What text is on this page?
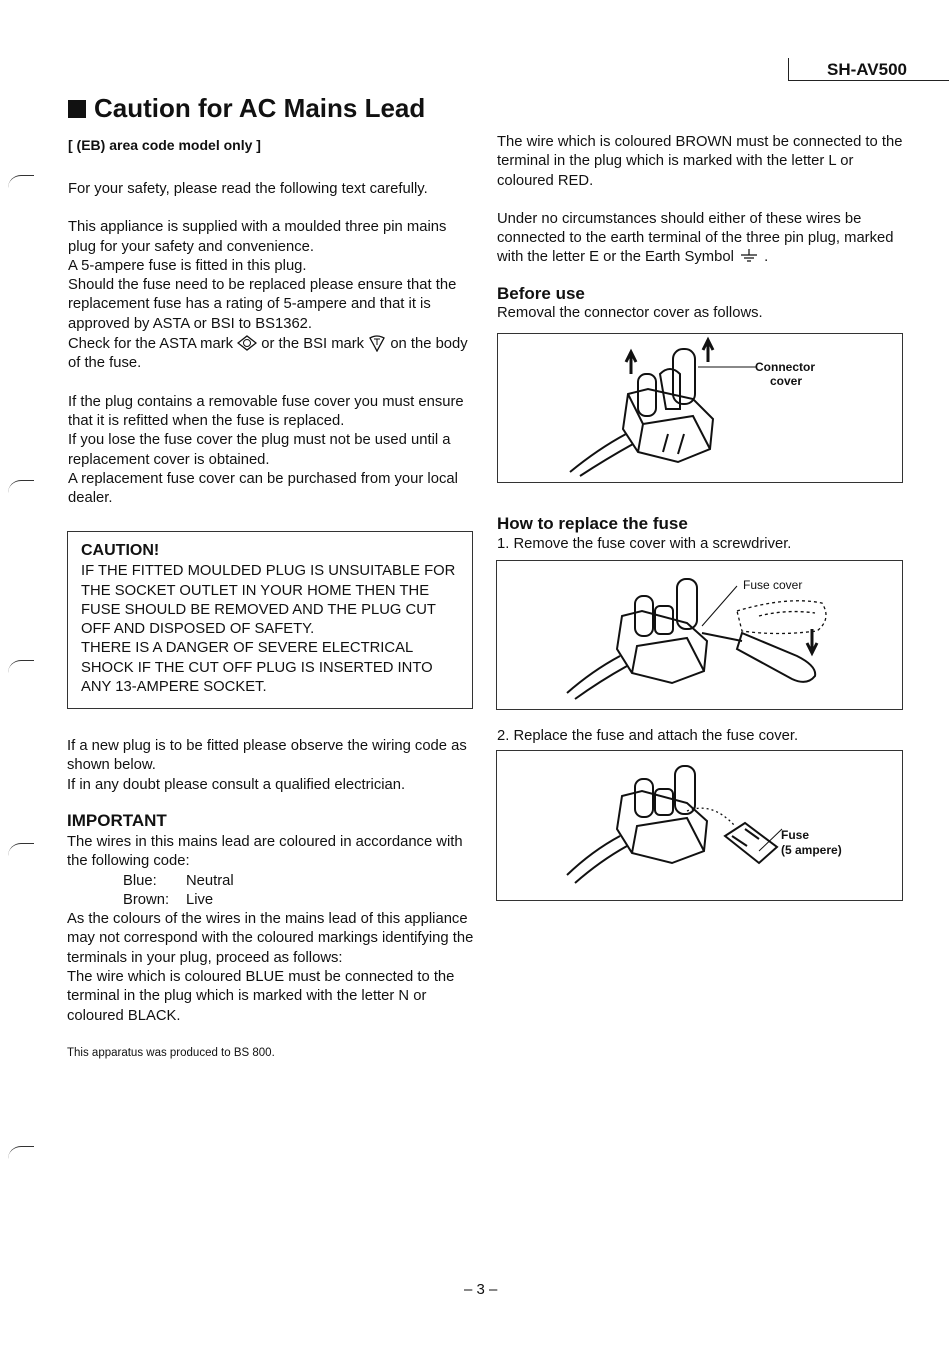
SH-AV500
Caution for AC Mains Lead
[ (EB) area code model only ]

For your safety, please read the following text carefully.

This appliance is supplied with a moulded three pin mains plug for your safety and convenience.

A 5-ampere fuse is fitted in this plug.

Should the fuse need to be replaced please ensure that the replacement fuse has a rating of 5-ampere and that it is approved by ASTA or BSI to BS1362.

Check for the ASTA mark or the BSI mark on the body of the fuse.

If the plug contains a removable fuse cover you must ensure that it is refitted when the fuse is replaced.

If you lose the fuse cover the plug must not be used until a replacement cover is obtained.

A replacement fuse cover can be purchased from your local dealer.

CAUTION!
IF THE FITTED MOULDED PLUG IS UNSUITABLE FOR THE SOCKET OUTLET IN YOUR HOME THEN THE FUSE SHOULD BE REMOVED AND THE PLUG CUT OFF AND DISPOSED OF SAFETY.
THERE IS A DANGER OF SEVERE ELECTRICAL SHOCK IF THE CUT OFF PLUG IS INSERTED INTO ANY 13-AMPERE SOCKET.

If a new plug is to be fitted please observe the wiring code as shown below.

If in any doubt please consult a qualified electrician.

IMPORTANT

The wires in this mains lead are coloured in accordance with the following code:

Blue:	Neutral
Brown:	Live

As the colours of the wires in the mains lead of this appliance may not correspond with the coloured markings identifying the terminals in your plug, proceed as follows:

The wire which is coloured BLUE must be connected to the terminal in the plug which is marked with the letter N or coloured BLACK.

This apparatus was produced to BS 800.

The wire which is coloured BROWN must be connected to the terminal in the plug which is marked with the letter L or coloured RED.

Under no circumstances should either of these wires be connected to the earth terminal of the three pin plug, marked with the letter E or the Earth Symbol  .

Before use
Removal the connector cover as follows.
Connector
cover
How to replace the fuse
1. Remove the fuse cover with a screwdriver.
Fuse cover
2. Replace the fuse and attach the fuse cover.
Fuse
(5 ampere)
– 3 –
